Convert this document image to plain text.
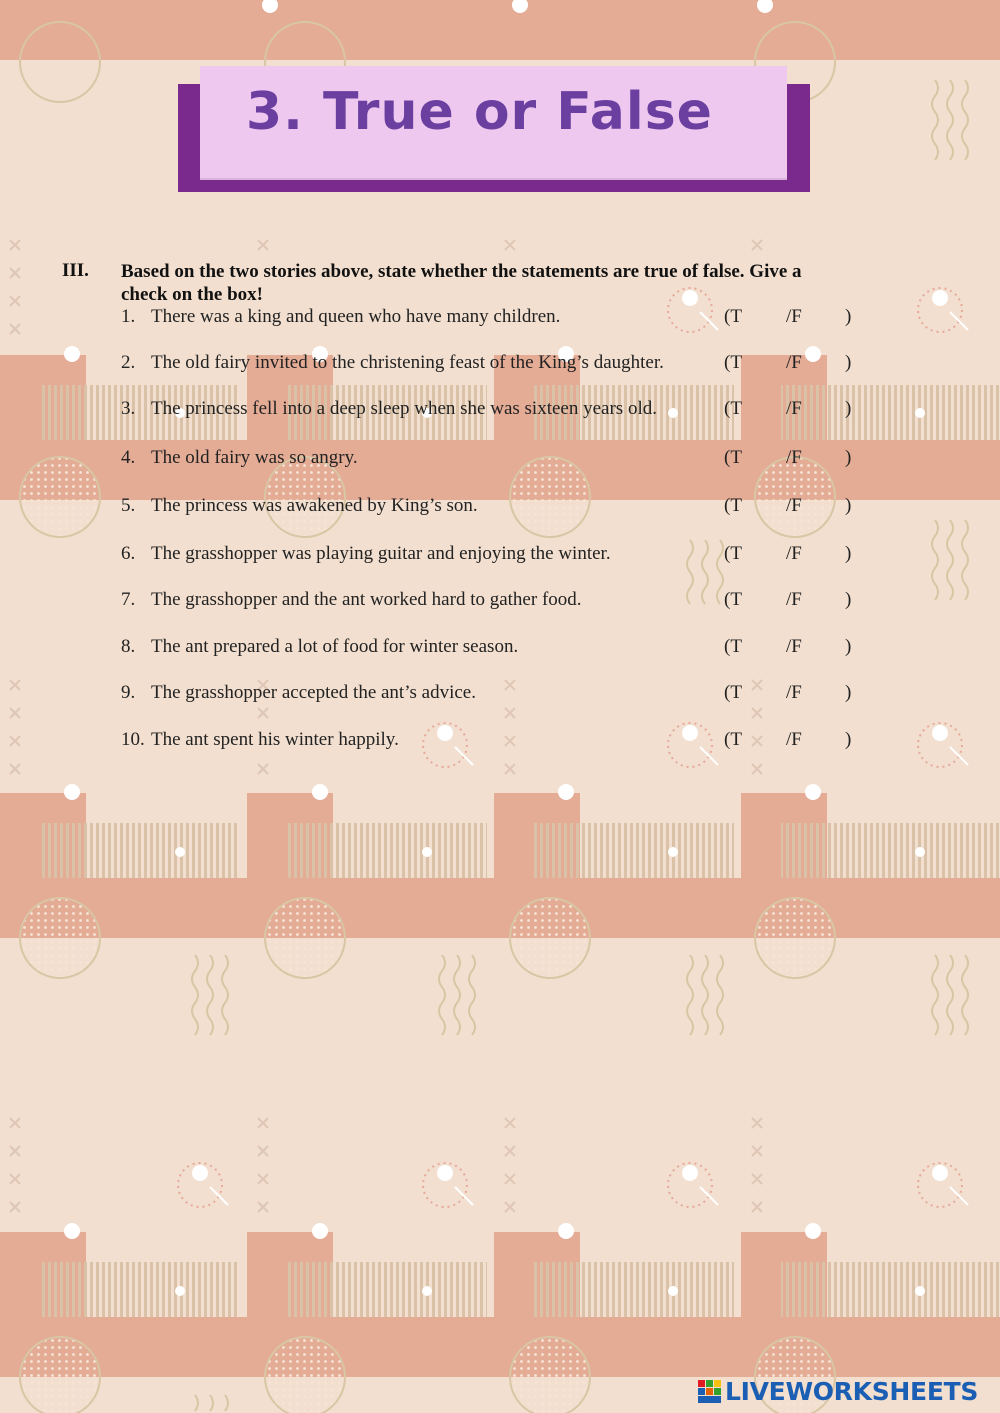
3. True or False
III. Based on the two stories above, state whether the statements are true of false. Give a check on the box!
1. There was a king and queen who have many children.	(T /F )
2. The old fairy invited to the christening feast of the King’s daughter.	(T /F )
3. The princess fell into a deep sleep when she was sixteen years old.	(T /F )
4. The old fairy was so angry.	(T /F )
5. The princess was awakened by King’s son.	(T /F )
6. The grasshopper was playing guitar and enjoying the winter.	(T /F )
7. The grasshopper and the ant worked hard to gather food.	(T /F )
8. The ant prepared a lot of food for winter season.	(T /F )
9. The grasshopper accepted the ant’s advice.	(T /F )
10. The ant spent his winter happily.	(T /F )
LIVEWORKSHEETS
